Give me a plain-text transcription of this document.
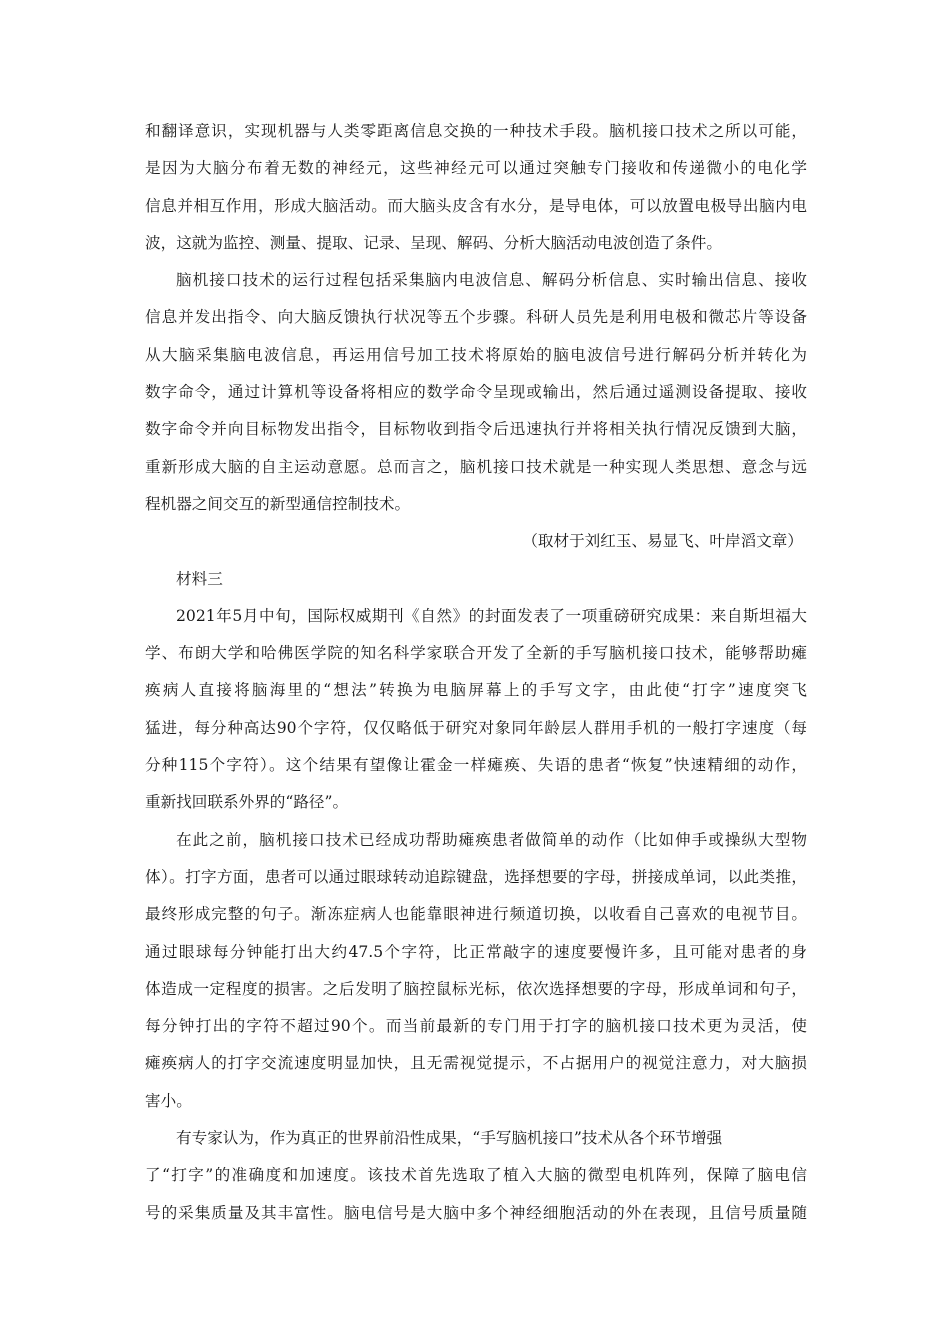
和翻译意识，实现机器与人类零距离信息交换的一种技术手段。脑机接口技术之所以可能，
是因为大脑分布着无数的神经元，这些神经元可以通过突触专门接收和传递微小的电化学
信息并相互作用，形成大脑活动。而大脑头皮含有水分，是导电体，可以放置电极导出脑内电
波，这就为监控、测量、提取、记录、呈现、解码、分析大脑活动电波创造了条件。
脑机接口技术的运行过程包括采集脑内电波信息、解码分析信息、实时输出信息、接收
信息并发出指令、向大脑反馈执行状况等五个步骤。科研人员先是利用电极和微芯片等设备
从大脑采集脑电波信息，再运用信号加工技术将原始的脑电波信号进行解码分析并转化为
数字命令，通过计算机等设备将相应的数学命令呈现或输出，然后通过遥测设备提取、接收
数字命令并向目标物发出指令，目标物收到指令后迅速执行并将相关执行情况反馈到大脑，
重新形成大脑的自主运动意愿。总而言之，脑机接口技术就是一种实现人类思想、意念与远
程机器之间交互的新型通信控制技术。
（取材于刘红玉、易显飞、叶岸滔文章）
材料三
2021年5月中旬，国际权威期刊《自然》的封面发表了一项重磅研究成果：来自斯坦福大
学、布朗大学和哈佛医学院的知名科学家联合开发了全新的手写脑机接口技术，能够帮助瘫
痪病人直接将脑海里的“想法”转换为电脑屏幕上的手写文字，由此使“打字”速度突飞
猛进，每分种高达90个字符，仅仅略低于研究对象同年龄层人群用手机的一般打字速度（每
分种115个字符）。这个结果有望像让霍金一样瘫痪、失语的患者“恢复”快速精细的动作，
重新找回联系外界的“路径”。
在此之前，脑机接口技术已经成功帮助瘫痪患者做简单的动作（比如伸手或操纵大型物
体）。打字方面，患者可以通过眼球转动追踪键盘，选择想要的字母，拼接成单词，以此类推，
最终形成完整的句子。渐冻症病人也能靠眼神进行频道切换，以收看自己喜欢的电视节目。
通过眼球每分钟能打出大约47.5个字符，比正常敲字的速度要慢许多，且可能对患者的身
体造成一定程度的损害。之后发明了脑控鼠标光标，依次选择想要的字母，形成单词和句子，
每分钟打出的字符不超过90个。而当前最新的专门用于打字的脑机接口技术更为灵活，使
瘫痪病人的打字交流速度明显加快，且无需视觉提示，不占据用户的视觉注意力，对大脑损
害小。
有专家认为，作为真正的世界前沿性成果，“手写脑机接口”技术从各个环节增强
了“打字”的准确度和加速度。该技术首先选取了植入大脑的微型电机阵列，保障了脑电信
号的采集质量及其丰富性。脑电信号是大脑中多个神经细胞活动的外在表现，且信号质量随
